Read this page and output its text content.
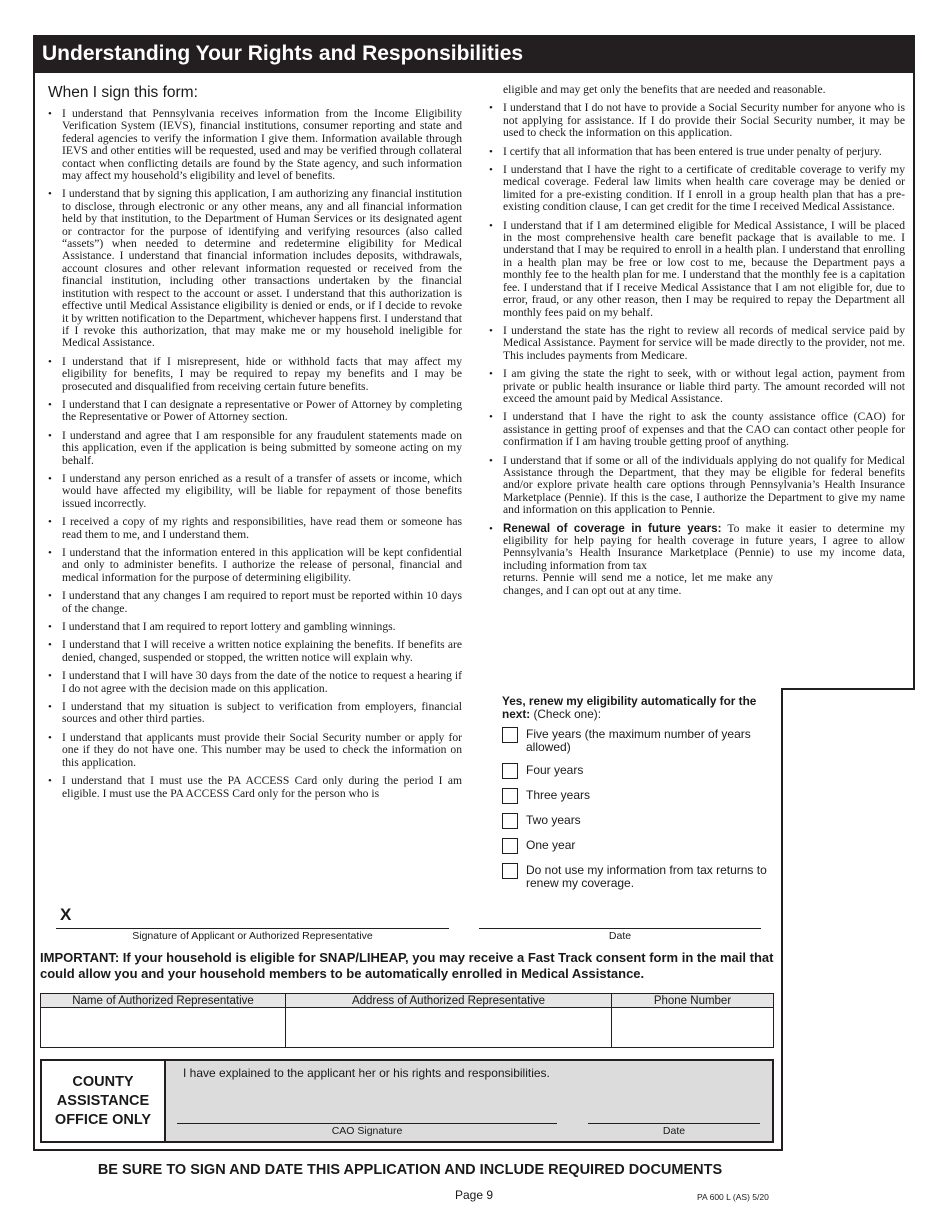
Understanding Your Rights and Responsibilities
When I sign this form:
• I understand that Pennsylvania receives information from the Income Eligibility Verification System (IEVS), financial institutions, consumer reporting and state and federal agencies to verify the information I give them. Information available through IEVS and other entities will be requested, used and may be verified through collateral contact when conflicting details are found by the State agency, and such information may affect my household’s eligibility and level of benefits.
• I understand that by signing this application, I am authorizing any financial institution to disclose, through electronic or any other means, any and all financial information held by that institution, to the Department of Human Services or its designated agent or contractor for the purpose of identifying and verifying resources (also called “assets”) when needed to determine and redetermine eligibility for Medical Assistance. I understand that financial information includes deposits, withdrawals, account closures and other relevant information requested or received from the financial institution, including other transactions undertaken by the financial institution with respect to the account or asset. I understand that this authorization is effective until Medical Assistance eligibility is denied or ends, or if I decide to revoke it by written notification to the Department, whichever happens first. I understand that if I revoke this authorization, that may make me or my household ineligible for Medical Assistance.
• I understand that if I misrepresent, hide or withhold facts that may affect my eligibility for benefits, I may be required to repay my benefits and I may be prosecuted and disqualified from receiving certain future benefits.
• I understand that I can designate a representative or Power of Attorney by completing the Representative or Power of Attorney section.
• I understand and agree that I am responsible for any fraudulent statements made on this application, even if the application is being submitted by someone acting on my behalf.
• I understand any person enriched as a result of a transfer of assets or income, which would have affected my eligibility, will be liable for repayment of those benefits issued incorrectly.
• I received a copy of my rights and responsibilities, have read them or someone has read them to me, and I understand them.
• I understand that the information entered in this application will be kept confidential and only to administer benefits. I authorize the release of personal, financial and medical information for the purpose of determining eligibility.
• I understand that any changes I am required to report must be reported within 10 days of the change.
• I understand that I am required to report lottery and gambling winnings.
• I understand that I will receive a written notice explaining the benefits. If benefits are denied, changed, suspended or stopped, the written notice will explain why.
• I understand that I will have 30 days from the date of the notice to request a hearing if I do not agree with the decision made on this application.
• I understand that my situation is subject to verification from employers, financial sources and other third parties.
• I understand that applicants must provide their Social Security number or apply for one if they do not have one. This number may be used to check the information on this application.
• I understand that I must use the PA ACCESS Card only during the period I am eligible. I must use the PA ACCESS Card only for the person who is
eligible and may get only the benefits that are needed and reasonable.
• I understand that I do not have to provide a Social Security number for anyone who is not applying for assistance. If I do provide their Social Security number, it may be used to check the information on this application.
• I certify that all information that has been entered is true under penalty of perjury.
• I understand that I have the right to a certificate of creditable coverage to verify my medical coverage. Federal law limits when health care coverage may be denied or limited for a pre-existing condition. If I enroll in a group health plan that has a pre-existing condition clause, I can get credit for the time I received Medical Assistance.
• I understand that if I am determined eligible for Medical Assistance, I will be placed in the most comprehensive health care benefit package that is available to me. I understand that I may be required to enroll in a health plan. I understand that enrolling in a health plan may be free or low cost to me, because the Department pays a monthly fee to the health plan for me. I understand that the monthly fee is a capitation fee. I understand that if I receive Medical Assistance that I am not eligible for, due to error, fraud, or any other reason, then I may be required to repay the Department all monthly fees paid on my behalf.
• I understand the state has the right to review all records of medical service paid by Medical Assistance. Payment for service will be made directly to the provider, not me. This includes payments from Medicare.
• I am giving the state the right to seek, with or without legal action, payment from private or public health insurance or liable third party. The amount recorded will not exceed the amount paid by Medical Assistance.
• I understand that I have the right to ask the county assistance office (CAO) for assistance in getting proof of expenses and that the CAO can contact other people for confirmation if I am having trouble getting proof of anything.
• I understand that if some or all of the individuals applying do not qualify for Medical Assistance through the Department, that they may be eligible for federal benefits and/or explore private health care options through Pennsylvania’s Health Insurance Marketplace (Pennie). If this is the case, I authorize the Department to give my name and information on this application to Pennie.
• Renewal of coverage in future years: To make it easier to determine my eligibility for help paying for health coverage in future years, I agree to allow Pennsylvania’s Health Insurance Marketplace (Pennie) to use my income data, including information from tax
returns. Pennie will send me a notice, let me make any changes, and I can opt out at any time.
Yes, renew my eligibility automatically for the next: (Check one):
Five years (the maximum number of years allowed)
Four years
Three years
Two years
One year
Do not use my information from tax returns to renew my coverage.
X
Signature of Applicant or Authorized Representative	Date
IMPORTANT: If your household is eligible for SNAP/LIHEAP, you may receive a Fast Track consent form in the mail that could allow you and your household members to be automatically enrolled in Medical Assistance.
Name of Authorized Representative	Address of Authorized Representative	Phone Number

COUNTY ASSISTANCE OFFICE ONLY
I have explained to the applicant her or his rights and responsibilities.
CAO Signature	Date
BE SURE TO SIGN AND DATE THIS APPLICATION AND INCLUDE REQUIRED DOCUMENTS
Page 9	PA 600 L (AS) 5/20
